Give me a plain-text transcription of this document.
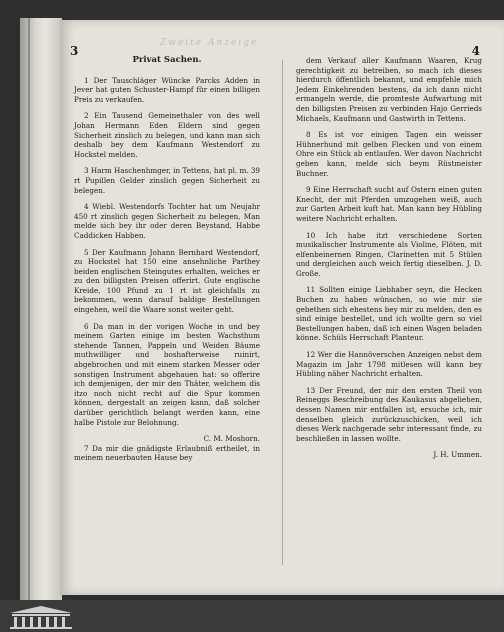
Zweite Anzeige
3	4
Privat Sachen.

1 Der Tauschläger Wüncke Parcks Adden in Jever hat guten Schuster-Hampf für einen billigen Preis zu verkaufen.

2 Ein Tausend Gemeinethaler von des well Johan Hermann Eden Eldern sind gegen Sicherheit zinslich zu belegen, und kann man sich deshalb bey dem Kaufmann Westendorf zu Hockstel melden.

3 Harm Haschenhmger, in Tettens, hat pl. m. 39 rt Pupillen Gelder zinslich gegen Sicherheit zu belegen.

4 Wiebl. Westendorfs Tochter hat um Neujahr 450 rt zinslich gegen Sicherheit zu belegen, Man melde sich bey ihr oder deren Beystand, Habbe Caddicken Habben.

5 Der Kaufmann Johann Bernhard Westendorf, zu Hockstel hat 150 eine ansehnliche Parthey beiden englischen Steingutes erhalten, welches er zu den billigsten Preisen offerirt. Gute englische Kreide, 100 Pfund zu 1 rt ist gleichfalls zu bekommen, wenn darauf baldige Bestellungen eingehen, weil die Waare sonst weiter geht.

6 Da man in der vorigen Woche in und bey meinem Garten einige im besten Wachsthum stehende Tannen, Pappeln und Weiden Bäume muthwilliger und boshafterweise ruinirt, abgebrochen und mit einem starken Messer oder sonstigen Instrument abgehauen hat: so offerire ich demjenigen, der mir den Thäter, welchem dis itzo noch nicht recht auf die Spur kommen können, dergestalt an zeigen kann, daß solcher darüber gerichtlich belangt werden kann, eine halbe Pistole zur Belohnung.

C. M. Moshorn.

7 Da mir die gnädigste Erlaubniß ertheilet, in meinem neuerbauten Hause bey

dem Verkauf aller Kaufmann Waaren, Krug gerechtigkeit zu betreiben, so mach ich dieses hierdurch öffentlich bekannt, und empfehle mich Jedem Einkehrenden bestens, da ich dann nicht ermangeln werde, die promteste Aufwartung mit den billigsten Preisen zu verbinden Hajo Gerrieds Michaels, Kaufmann und Gastwirth in Tettens.

8 Es ist vor einigen Tagen ein weisser Hühnerhund mit gelben Flecken und von einem Ohre ein Stück ab entlaufen. Wer davon Nachricht geben kann, melde sich beym Rüstmeister Buchner.

9 Eine Herrschaft sucht auf Ostern einen guten Knecht, der mit Pferden umzugehen weiß, auch zur Garten Arbeit kuft hat. Man kann bey Hübling weitere Nachricht erhalten.

10 Ich habe itzt verschiedene Sorten musikalischer Instrumente als Violine, Flöten, mit elfenbeinernen Ringen, Clarinetten mit 5 Stülen und dergleichen auch weich fertig dieselben. J. D. Große.

11 Sollten einige Liebhaber seyn, die Hecken Buchen zu haben wünschen, so wie mir sie gebethen sich ehestens bey mir zu melden, den es sind einige bestellet, und ich wollte gern so viel Bestellungen haben, daß ich einen Wagen beladen könne. Schüls Herrschaft Planteur.

12 Wer die Hannöverschen Anzeigen nebst dem Magazin im Jahr 1798 mitlesen will kann bey Hübling näher Nachricht erhalten.

13 Der Freund, der mir den ersten Theil von Reineggs Beschreibung des Kaukasus abgeliehen, dessen Namen mir entfallen ist, ersuche ich, mir denselben gleich zurückzuschicken, weil ich dieses Werk nachgerade sehr interessant finde, zu beschließen in lassen wollte.

J. H. Ummen.
